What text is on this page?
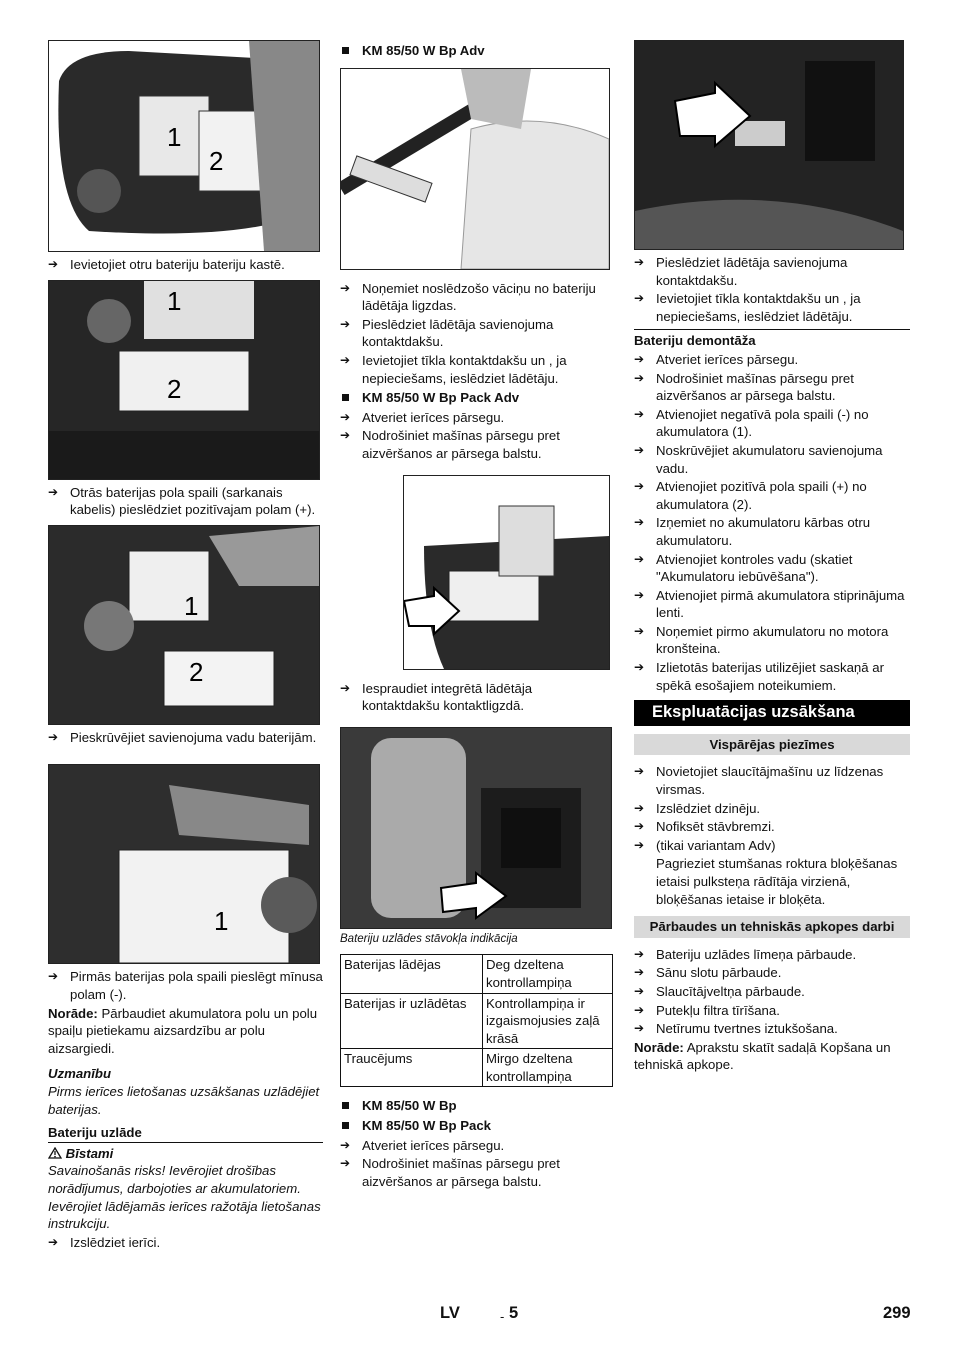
1
2
➔ Ievietojiet otru bateriju bateriju kastē.
1
2
➔ Otrās baterijas pola spaili (sarkanais kabelis) pieslēdziet pozitīvajam polam (+).
1
2
➔ Pieskrūvējiet savienojuma vadu baterijām.
1
➔ Pirmās baterijas pola spaili pieslēgt mīnusa polam (-).
Norāde: Pārbaudiet akumulatora polu un polu spaiļu pietiekamu aizsardzību ar polu aizsargiedi.
Uzmanību
Pirms ierīces lietošanas uzsākšanas uzlādējiet baterijas.
Bateriju uzlāde
Bīstami
Savainošanās risks! Ievērojiet drošības norādījumus, darbojoties ar akumulatoriem. Ievērojiet lādējamās ierīces ražotāja lietošanas instrukciju.
➔ Izslēdziet ierīci.
KM 85/50 W Bp Adv
➔ Noņemiet noslēdzošo vāciņu no bateriju lādētāja ligzdas.
➔ Pieslēdziet lādētāja savienojuma kontaktdakšu.
➔ Ievietojiet tīkla kontaktdakšu un , ja nepieciešams, ieslēdziet lādētāju.
KM 85/50 W Bp Pack Adv
➔ Atveriet ierīces pārsegu.
➔ Nodrošiniet mašīnas pārsegu pret aizvēršanos ar pārsega balstu.
➔ Iespraudiet integrētā lādētāja kontaktdakšu kontaktligzdā.
Bateriju uzlādes stāvokļa indikācija
Baterijas lādējas	Deg dzeltena kontrollampiņa
Baterijas ir uzlādētas	Kontrollampiņa ir izgaismojusies zaļā krāsā
Traucējums	Mirgo dzeltena kontrollampiņa
KM 85/50 W Bp
KM 85/50 W Bp Pack
➔ Atveriet ierīces pārsegu.
➔ Nodrošiniet mašīnas pārsegu pret aizvēršanos ar pārsega balstu.
➔ Pieslēdziet lādētāja savienojuma kontaktdakšu.
➔ Ievietojiet tīkla kontaktdakšu un , ja nepieciešams, ieslēdziet lādētāju.
Bateriju demontāža
➔ Atveriet ierīces pārsegu.
➔ Nodrošiniet mašīnas pārsegu pret aizvēršanos ar pārsega balstu.
➔ Atvienojiet negatīvā pola spaili (-) no akumulatora (1).
➔ Noskrūvējiet akumulatoru savienojuma vadu.
➔ Atvienojiet pozitīvā pola spaili (+) no akumulatora (2).
➔ Izņemiet no akumulatoru kārbas otru akumulatoru.
➔ Atvienojiet kontroles vadu (skatiet "Akumulatoru iebūvēšana").
➔ Atvienojiet pirmā akumulatora stiprinājuma lenti.
➔ Noņemiet pirmo akumulatoru no motora kronšteina.
➔ Izlietotās baterijas utilizējiet saskaņā ar spēkā esošajiem noteikumiem.
Ekspluatācijas uzsākšana
Vispārējas piezīmes
➔ Novietojiet slaucītājmašīnu uz līdzenas virsmas.
➔ Izslēdziet dzinēju.
➔ Nofiksēt stāvbremzi.
➔ (tikai variantam Adv)
Pagrieziet stumšanas roktura bloķēšanas ietaisi pulksteņa rādītāja virzienā, bloķēšanas ietaise ir bloķēta.
Pārbaudes un tehniskās apkopes darbi
➔ Bateriju uzlādes līmeņa pārbaude.
➔ Sānu slotu pārbaude.
➔ Slaucītājveltņa pārbaude.
➔ Putekļu filtra tīrīšana.
➔ Netīrumu tvertnes iztukšošana.
Norāde: Aprakstu skatīt sadaļā Kopšana un tehniskā apkope.
LV	- 5	299
